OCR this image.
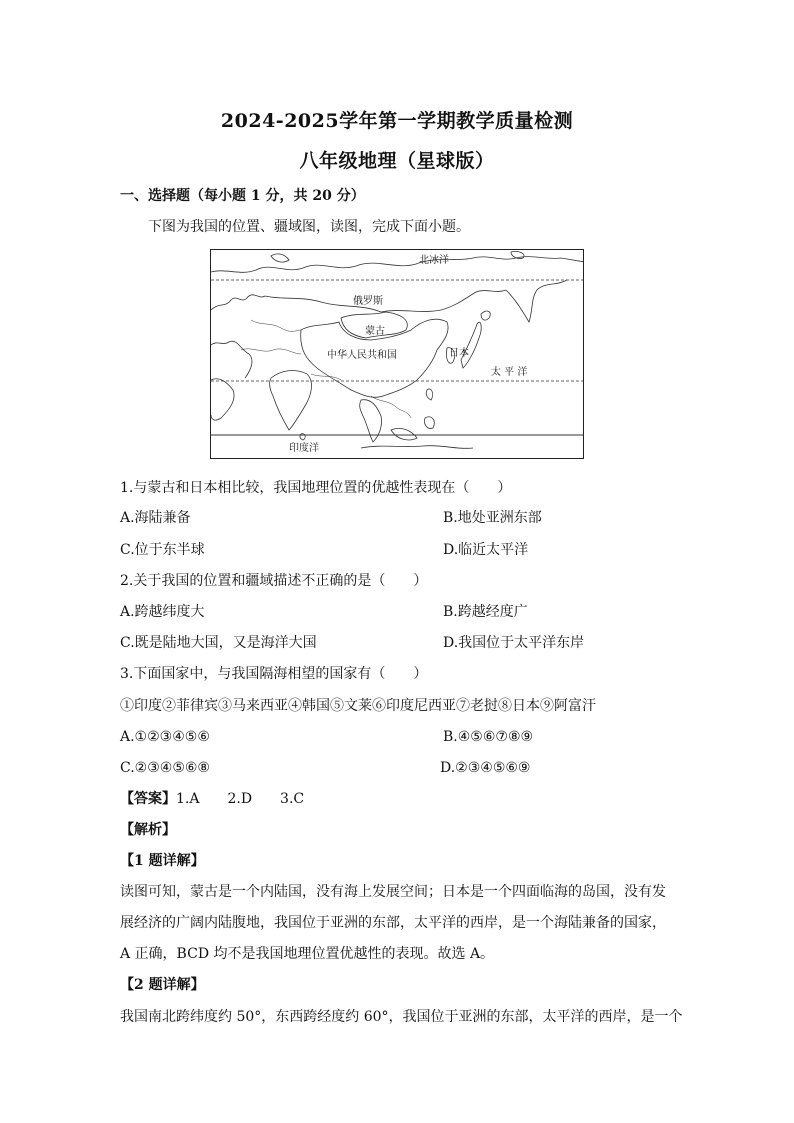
2024-2025学年第一学期教学质量检测
八年级地理（星球版）
一、选择题（每小题 1 分，共 20 分）
下图为我国的位置、疆域图，读图，完成下面小题。
北冰洋
俄罗斯
蒙古
中华人民共和国	日本
太 平 洋
印度洋
1.与蒙古和日本相比较，我国地理位置的优越性表现在（　　）
A.海陆兼备	B.地处亚洲东部
C.位于东半球	D.临近太平洋
2.关于我国的位置和疆域描述不正确的是（　　）
A.跨越纬度大	B.跨越经度广
C.既是陆地大国，又是海洋大国	D.我国位于太平洋东岸
3.下面国家中，与我国隔海相望的国家有（　　）
①印度②菲律宾③马来西亚④韩国⑤文莱⑥印度尼西亚⑦老挝⑧日本⑨阿富汗
A.①②③④⑤⑥	B.④⑤⑥⑦⑧⑨
C.②③④⑤⑥⑧	D.②③④⑤⑥⑨
【答案】1.A　　2.D　　3.C
【解析】
【1 题详解】
读图可知，蒙古是一个内陆国，没有海上发展空间；日本是一个四面临海的岛国，没有发
展经济的广阔内陆腹地，我国位于亚洲的东部，太平洋的西岸，是一个海陆兼备的国家，
A 正确，BCD 均不是我国地理位置优越性的表现。故选 A。
【2 题详解】
我国南北跨纬度约 50°，东西跨经度约 60°，我国位于亚洲的东部，太平洋的西岸，是一个
